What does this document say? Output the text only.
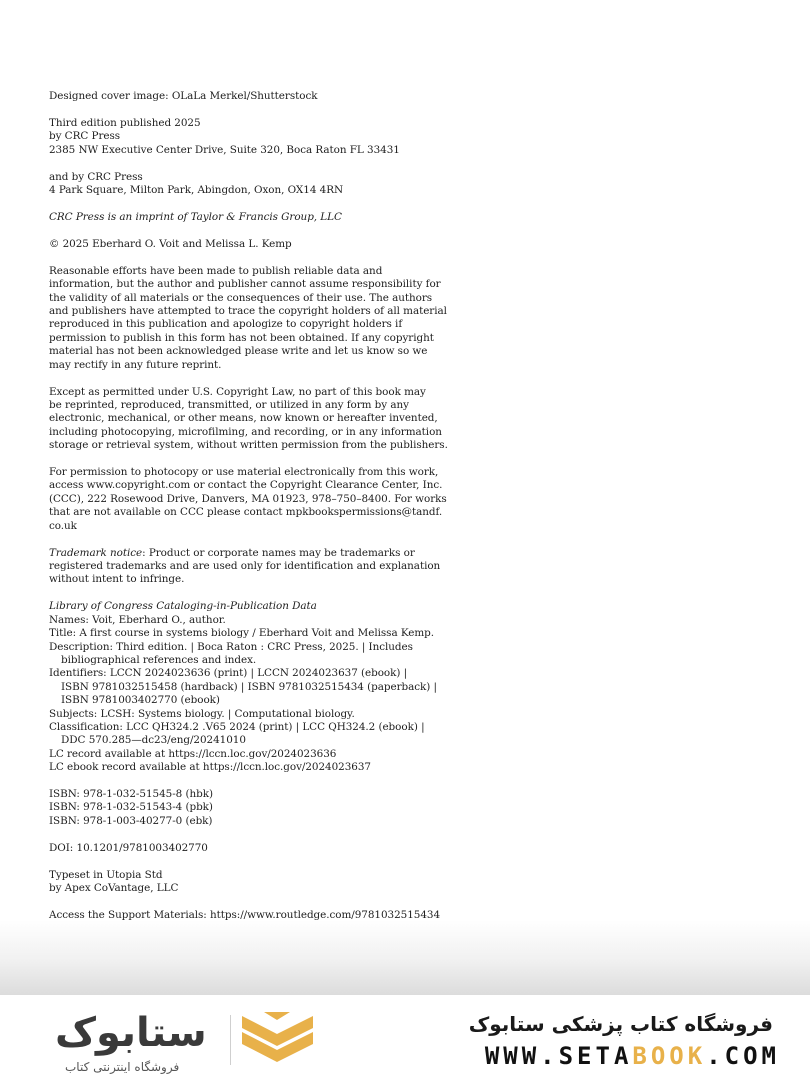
Designed cover image: OLaLa Merkel/Shutterstock
Third edition published 2025
by CRC Press
2385 NW Executive Center Drive, Suite 320, Boca Raton FL 33431
and by CRC Press
4 Park Square, Milton Park, Abingdon, Oxon, OX14 4RN
CRC Press is an imprint of Taylor & Francis Group, LLC
© 2025 Eberhard O. Voit and Melissa L. Kemp
Reasonable efforts have been made to publish reliable data and
information, but the author and publisher cannot assume responsibility for
the validity of all materials or the consequences of their use. The authors
and publishers have attempted to trace the copyright holders of all material
reproduced in this publication and apologize to copyright holders if
permission to publish in this form has not been obtained. If any copyright
material has not been acknowledged please write and let us know so we
may rectify in any future reprint.
Except as permitted under U.S. Copyright Law, no part of this book may
be reprinted, reproduced, transmitted, or utilized in any form by any
electronic, mechanical, or other means, now known or hereafter invented,
including photocopying, microfilming, and recording, or in any information
storage or retrieval system, without written permission from the publishers.
For permission to photocopy or use material electronically from this work,
access www.copyright.com or contact the Copyright Clearance Center, Inc.
(CCC), 222 Rosewood Drive, Danvers, MA 01923, 978–750–8400. For works
that are not available on CCC please contact mpkbookspermissions@tandf.
co.uk
Trademark notice: Product or corporate names may be trademarks or
registered trademarks and are used only for identification and explanation
without intent to infringe.
Library of Congress Cataloging-in-Publication Data
Names: Voit, Eberhard O., author.
Title: A first course in systems biology / Eberhard Voit and Melissa Kemp.
Description: Third edition. | Boca Raton : CRC Press, 2025. | Includes
bibliographical references and index.
Identifiers: LCCN 2024023636 (print) | LCCN 2024023637 (ebook) |
ISBN 9781032515458 (hardback) | ISBN 9781032515434 (paperback) |
ISBN 9781003402770 (ebook)
Subjects: LCSH: Systems biology. | Computational biology.
Classification: LCC QH324.2 .V65 2024 (print) | LCC QH324.2 (ebook) |
DDC 570.285—dc23/eng/20241010
LC record available at https://lccn.loc.gov/2024023636
LC ebook record available at https://lccn.loc.gov/2024023637
ISBN: 978-1-032-51545-8 (hbk)
ISBN: 978-1-032-51543-4 (pbk)
ISBN: 978-1-003-40277-0 (ebk)
DOI: 10.1201/9781003402770
Typeset in Utopia Std
by Apex CoVantage, LLC
Access the Support Materials: https://www.routledge.com/9781032515434
ستابوک
فروشگاه اینترنتی کتاب
فروشگاه کتاب پزشکی ستابوک
WWW.SETABOOK.COM
